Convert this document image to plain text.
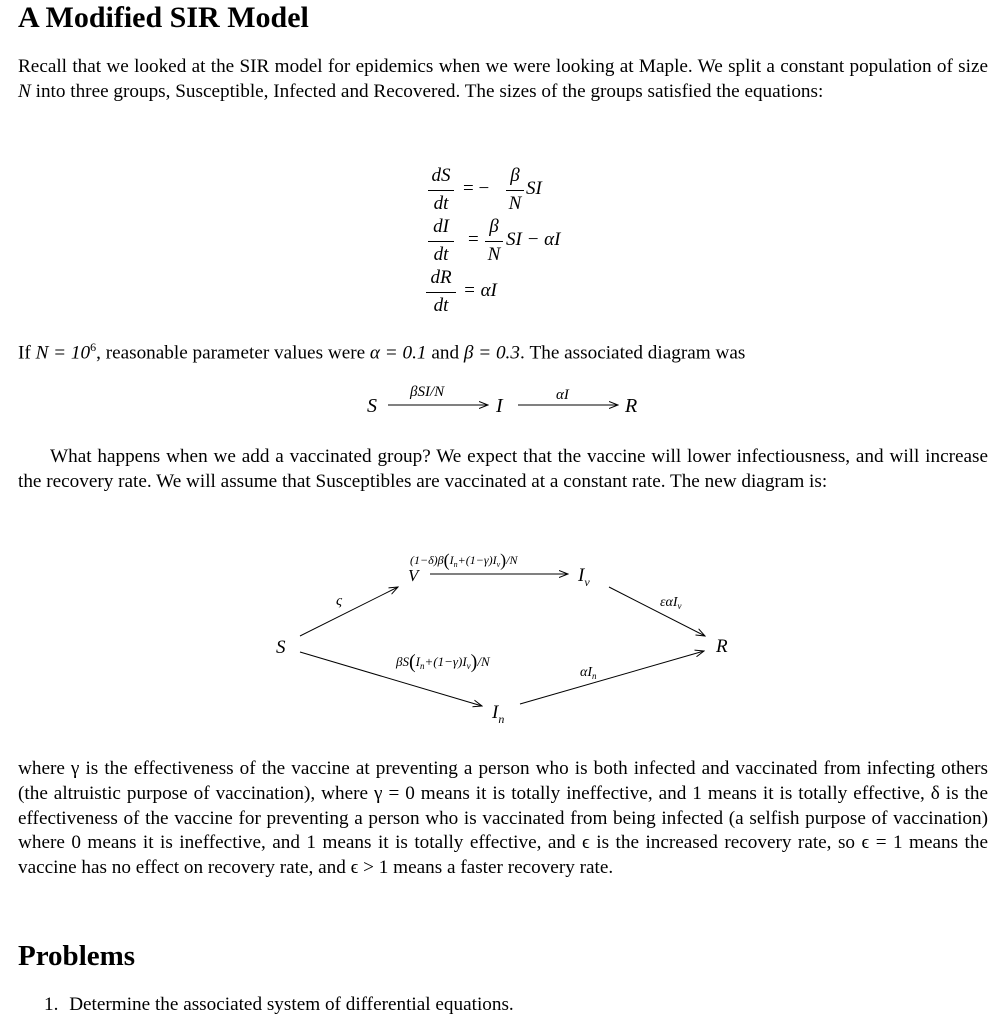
A Modified SIR Model

Recall that we looked at the SIR model for epidemics when we were looking at Maple. We split a constant population of size N into three groups, Susceptible, Infected and Recovered. The sizes of the groups satisfied the equations:

dS
dt
= −
β
N
SI
dI
dt
=
β
N
SI − αI
dR
dt
= αI

If $N = 10^6$, reasonable parameter values were α = 0.1 and β = 0.3. The associated diagram was

S
βSI/N
I	αI	R

What happens when we add a vaccinated group? We expect that the vaccine will lower infectiousness, and will increase the recovery rate. We will assume that Susceptibles are vaccinated at a constant rate. The new diagram is:

S
ς
V
$(1-\delta)\beta(I_n+(1-\gamma)I_v)/N$
$I_v$
εαI$_v$
R
$\beta S(I_n+(1-\gamma)I_v)/N$
$I_n$
$\alpha I_n$

where γ is the effectiveness of the vaccine at preventing a person who is both infected and vaccinated from infecting others (the altruistic purpose of vaccination), where γ = 0 means it is totally ineffective, and 1 means it is totally effective, δ is the effectiveness of the vaccine for preventing a person who is vaccinated from being infected (a selfish purpose of vaccination) where 0 means it is ineffective, and 1 means it is totally effective, and ϵ is the increased recovery rate, so ϵ = 1 means the vaccine has no effect on recovery rate, and ϵ > 1 means a faster recovery rate.

Problems

1. Determine the associated system of differential equations.
